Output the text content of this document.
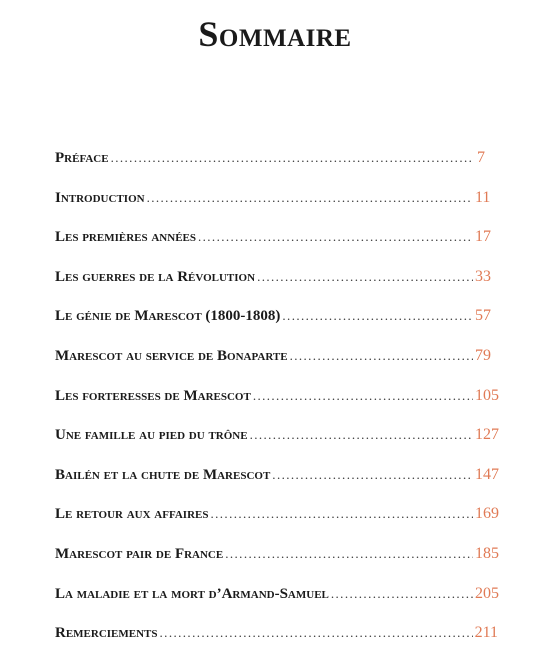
Sommaire
Préface .....	7
Introduction .....	11
Les premières années .....	17
Les guerres de la Révolution .....	33
Le génie de Marescot (1800-1808) .....	57
Marescot au service de Bonaparte .....	79
Les forteresses de Marescot .....	105
Une famille au pied du trône .....	127
Bailén et la chute de Marescot .....	147
Le retour aux affaires .....	169
Marescot pair de France .....	185
La maladie et la mort d’Armand-Samuel .....	205
Remerciements .....	211
